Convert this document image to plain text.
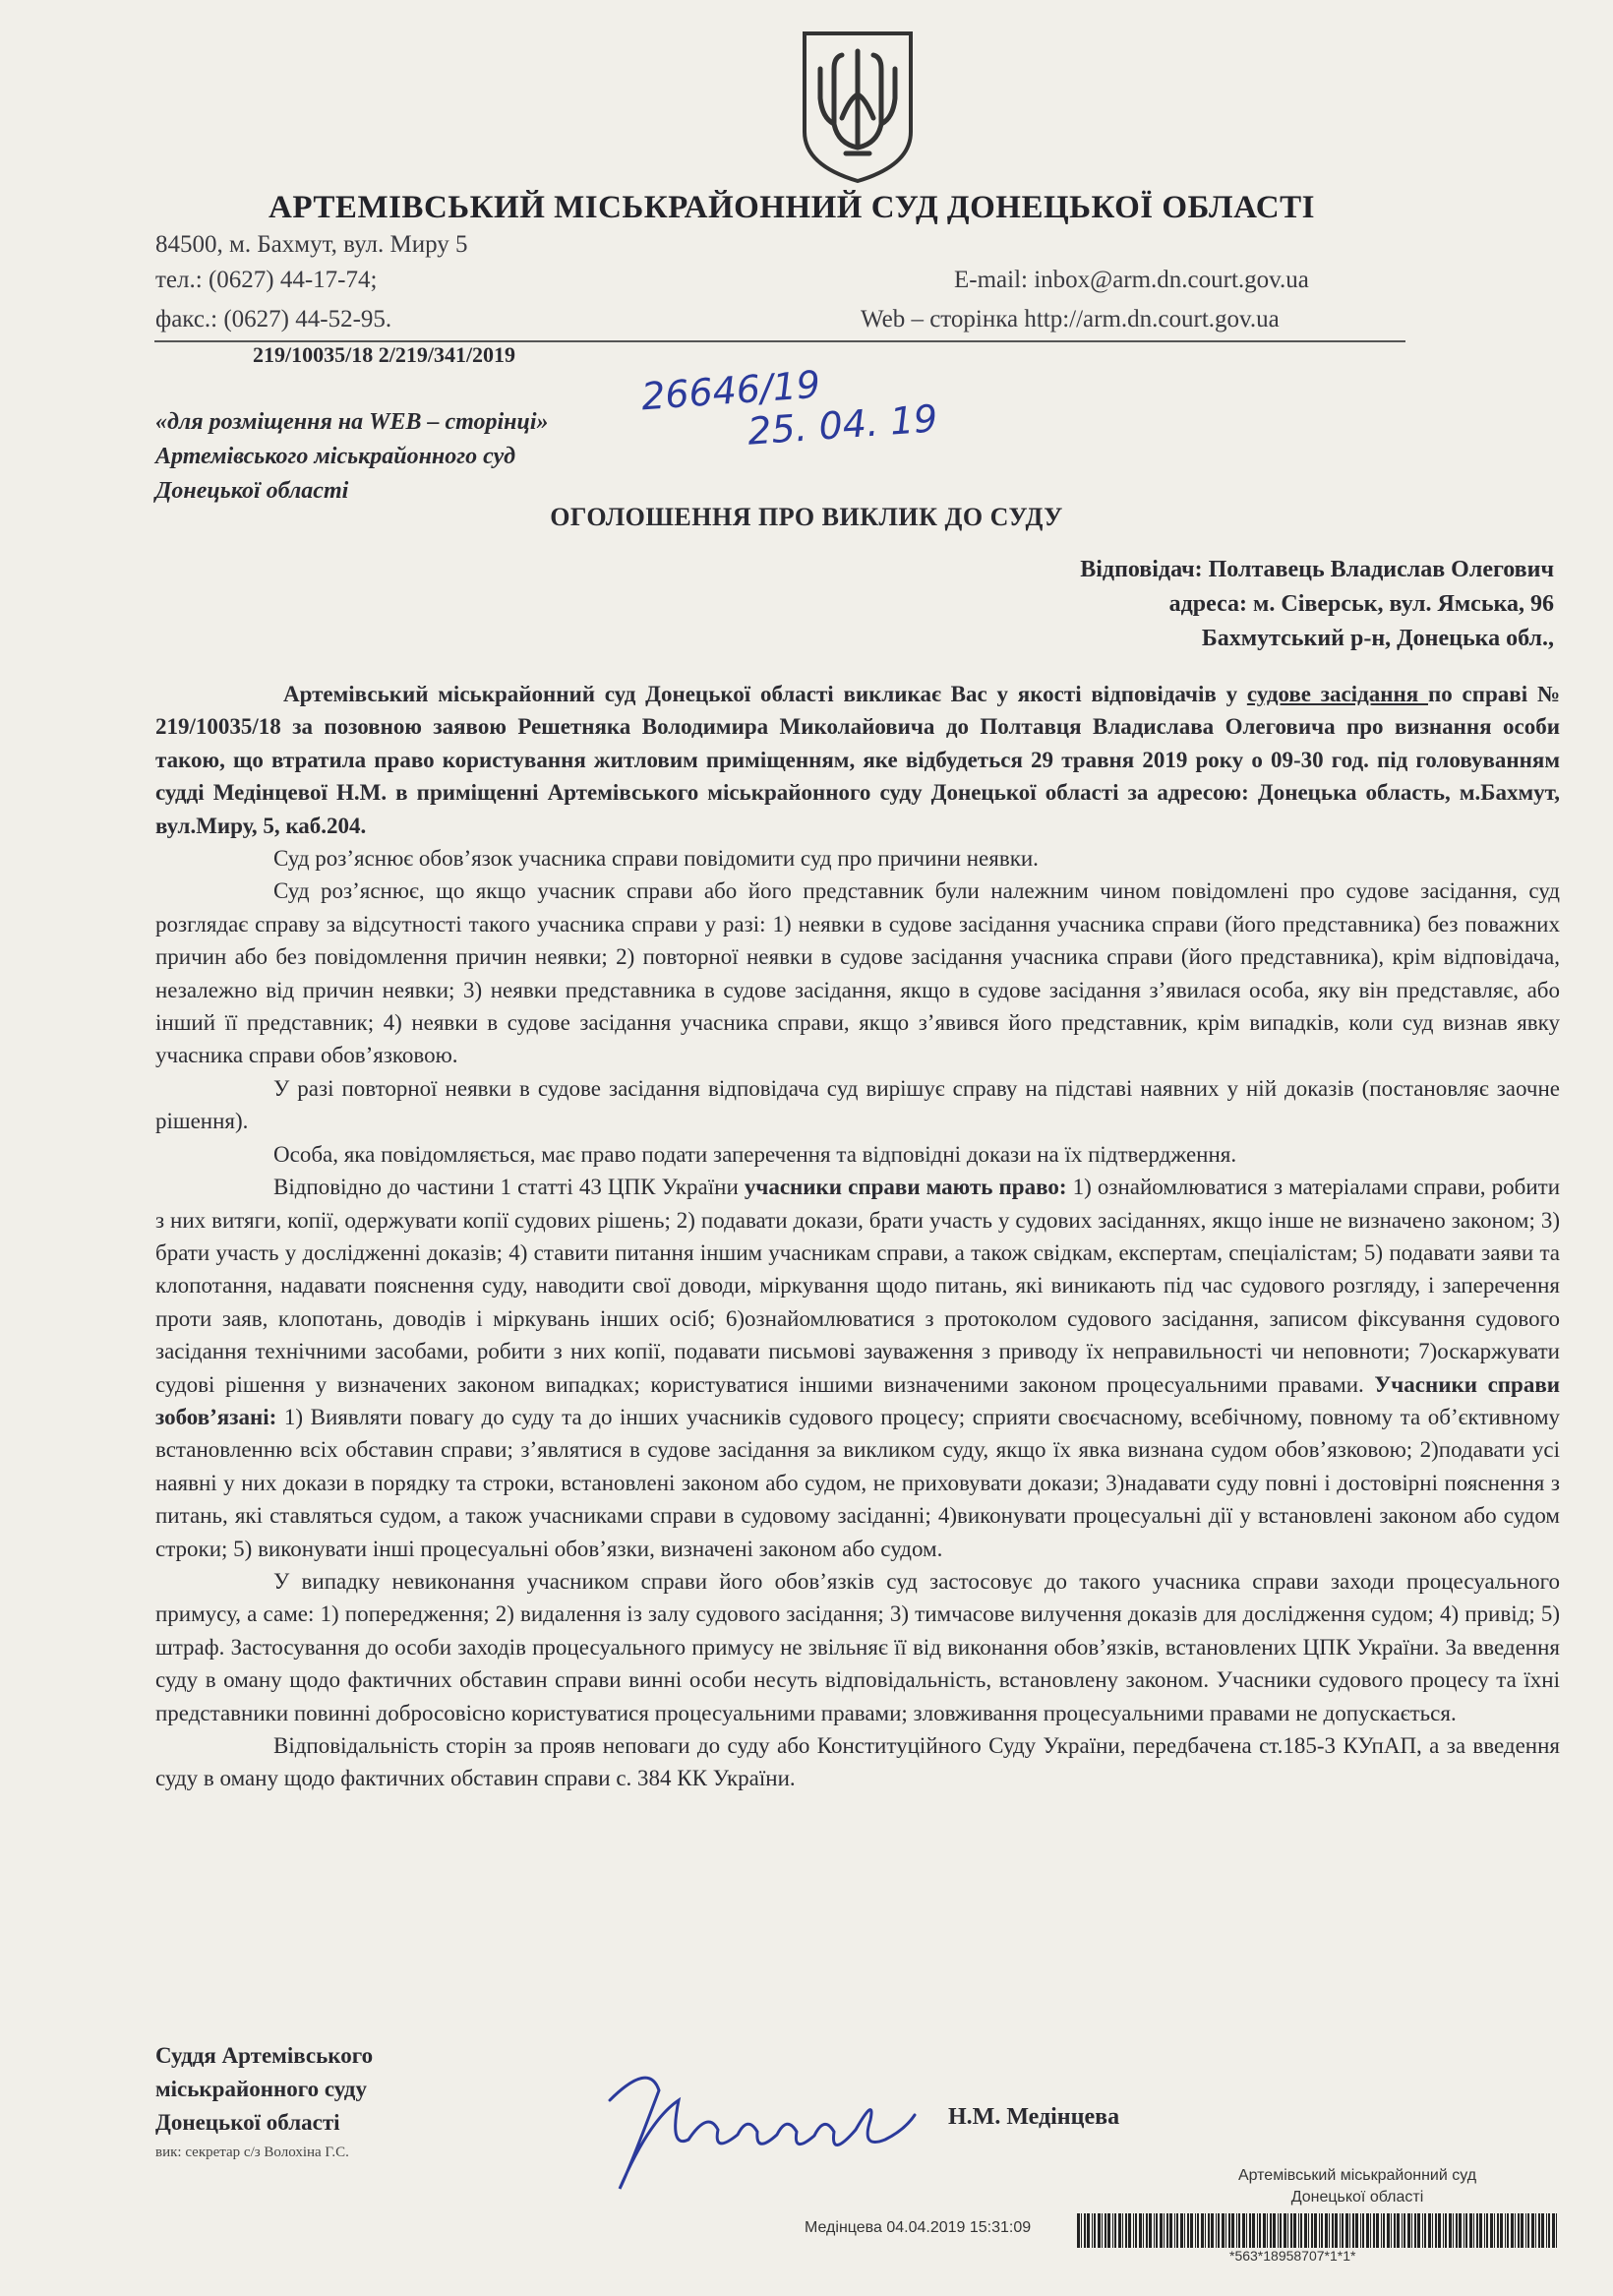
АРТЕМІВСЬКИЙ МІСЬКРАЙОННИЙ СУД ДОНЕЦЬКОЇ ОБЛАСТІ
84500, м. Бахмут, вул. Миру 5
тел.: (0627) 44-17-74;
факс.: (0627) 44-52-95.
E-mail: inbox@arm.dn.court.gov.ua
Web – сторінка http://arm.dn.court.gov.ua
219/10035/18 2/219/341/2019
26646/19
25. 04. 19
«для розміщення на WEB – сторінці»
Артемівського міськрайонного суд
Донецької області
ОГОЛОШЕННЯ ПРО ВИКЛИК ДО СУДУ
Відповідач: Полтавець Владислав Олегович
адреса: м. Сіверськ, вул. Ямська, 96
Бахмутський р-н, Донецька обл.,

Артемівський міськрайонний суд Донецької області викликає Вас у якості відповідачів у судове засідання по справі № 219/10035/18 за позовною заявою Решетняка Володимира Миколайовича до Полтавця Владислава Олеговича про визнання особи такою, що втратила право користування житловим приміщенням, яке відбудеться 29 травня 2019 року о 09-30 год. під головуванням судді Медінцевої Н.М. в приміщенні Артемівського міськрайонного суду Донецької області за адресою: Донецька область, м.Бахмут, вул.Миру, 5, каб.204.

Суд роз’яснює обов’язок учасника справи повідомити суд про причини неявки.

Суд роз’яснює, що якщо учасник справи або його представник були належним чином повідомлені про судове засідання, суд розглядає справу за відсутності такого учасника справи у разі: 1) неявки в судове засідання учасника справи (його представника) без поважних причин або без повідомлення причин неявки; 2) повторної неявки в судове засідання учасника справи (його представника), крім відповідача, незалежно від причин неявки; 3) неявки представника в судове засідання, якщо в судове засідання з’явилася особа, яку він представляє, або інший її представник; 4) неявки в судове засідання учасника справи, якщо з’явився його представник, крім випадків, коли суд визнав явку учасника справи обов’язковою.

У разі повторної неявки в судове засідання відповідача суд вирішує справу на підставі наявних у ній доказів (постановляє заочне рішення).

Особа, яка повідомляється, має право подати заперечення та відповідні докази на їх підтвердження.

Відповідно до частини 1 статті 43 ЦПК України учасники справи мають право: 1) ознайомлюватися з матеріалами справи, робити з них витяги, копії, одержувати копії судових рішень; 2) подавати докази, брати участь у судових засіданнях, якщо інше не визначено законом; 3) брати участь у дослідженні доказів; 4) ставити питання іншим учасникам справи, а також свідкам, експертам, спеціалістам; 5) подавати заяви та клопотання, надавати пояснення суду, наводити свої доводи, міркування щодо питань, які виникають під час судового розгляду, і заперечення проти заяв, клопотань, доводів і міркувань інших осіб; 6)ознайомлюватися з протоколом судового засідання, записом фіксування судового засідання технічними засобами, робити з них копії, подавати письмові зауваження з приводу їх неправильності чи неповноти; 7)оскаржувати судові рішення у визначених законом випадках; користуватися іншими визначеними законом процесуальними правами. Учасники справи зобов’язані: 1) Виявляти повагу до суду та до інших учасників судового процесу; сприяти своєчасному, всебічному, повному та об’єктивному встановленню всіх обставин справи; з’являтися в судове засідання за викликом суду, якщо їх явка визнана судом обов’язковою; 2)подавати усі наявні у них докази в порядку та строки, встановлені законом або судом, не приховувати докази; 3)надавати суду повні і достовірні пояснення з питань, які ставляться судом, а також учасниками справи в судовому засіданні; 4)виконувати процесуальні дії у встановлені законом або судом строки; 5) виконувати інші процесуальні обов’язки, визначені законом або судом.

У випадку невиконання учасником справи його обов’язків суд застосовує до такого учасника справи заходи процесуального примусу, а саме: 1) попередження; 2) видалення із залу судового засідання; 3) тимчасове вилучення доказів для дослідження судом; 4) привід; 5) штраф. Застосування до особи заходів процесуального примусу не звільняє її від виконання обов’язків, встановлених ЦПК України. За введення суду в оману щодо фактичних обставин справи винні особи несуть відповідальність, встановлену законом. Учасники судового процесу та їхні представники повинні добросовісно користуватися процесуальними правами; зловживання процесуальними правами не допускається.

Відповідальність сторін за прояв неповаги до суду або Конституційного Суду України, передбачена ст.185-3 КУпАП, а за введення суду в оману щодо фактичних обставин справи с. 384 КК України.

Суддя Артемівського
міськрайонного суду
Донецької області
вик: секретар с/з Волохіна Г.С.
Н.М. Медінцева
Артемівський міськрайонний суд
Донецької області
Медінцева 04.04.2019 15:31:09
*563*18958707*1*1*
